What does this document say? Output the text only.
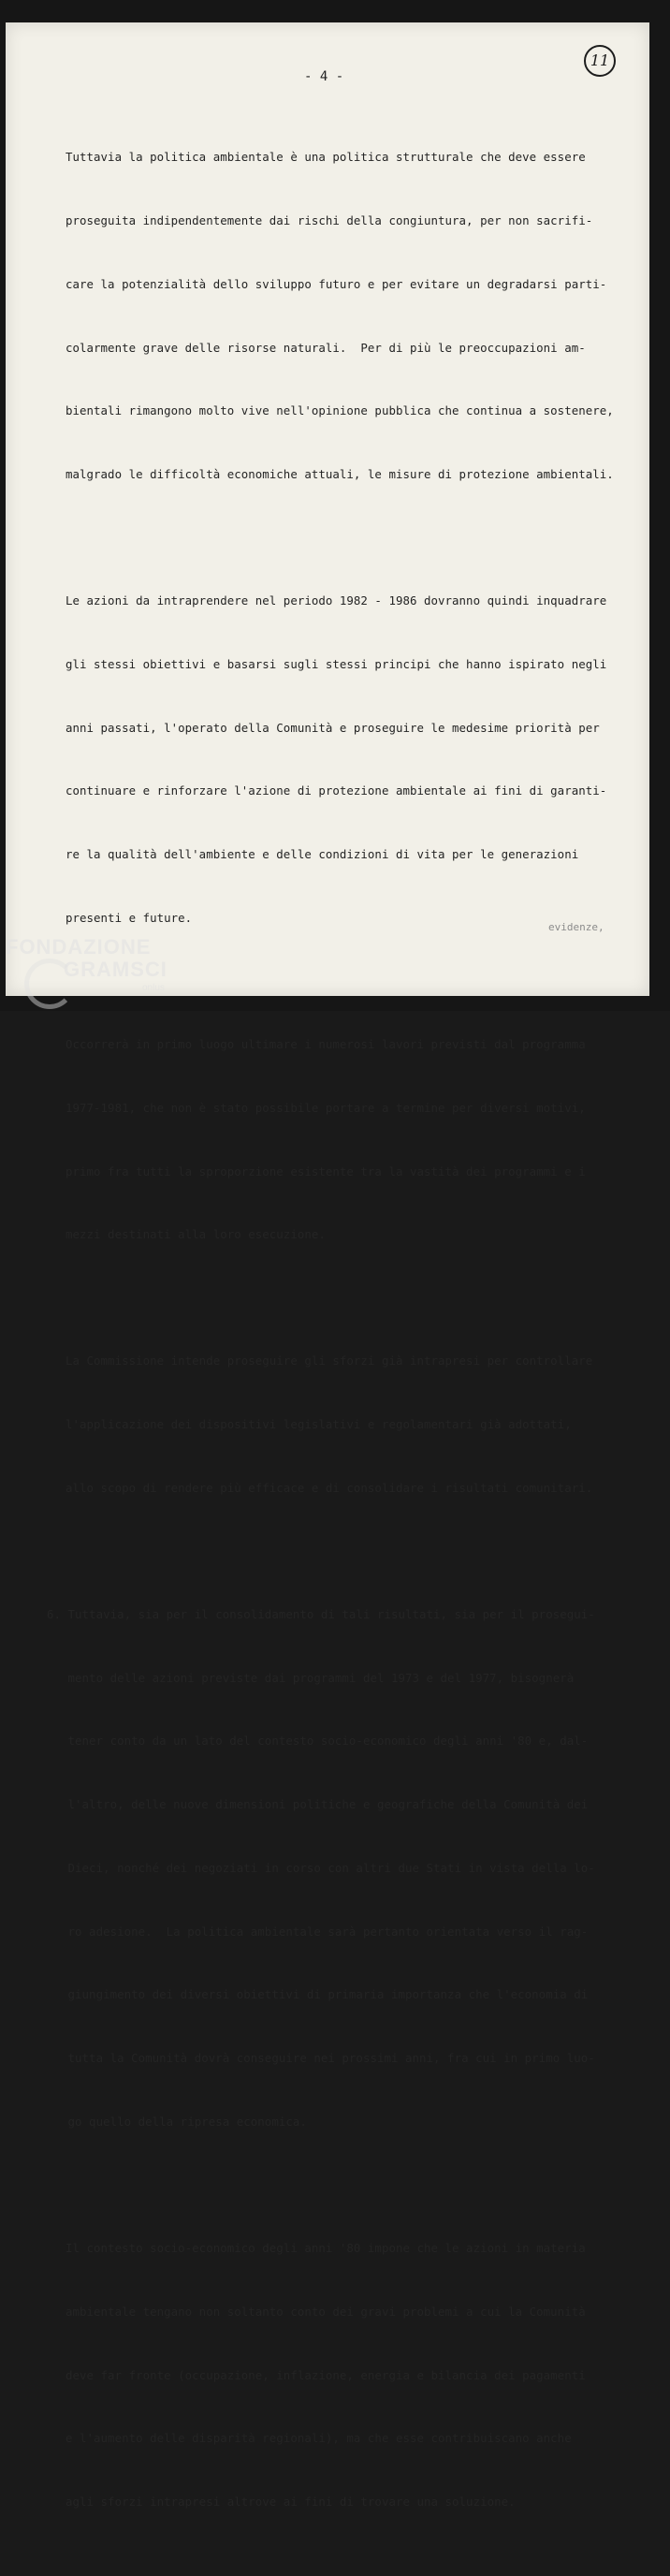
- 4 -
11

Tuttavia la politica ambientale è una politica strutturale che deve essere

proseguita indipendentemente dai rischi della congiuntura, per non sacrifi-

care la potenzialità dello sviluppo futuro e per evitare un degradarsi parti-

colarmente grave delle risorse naturali.  Per di più le preoccupazioni am-

bientali rimangono molto vive nell'opinione pubblica che continua a sostenere,

malgrado le difficoltà economiche attuali, le misure di protezione ambientali.

Le azioni da intraprendere nel periodo 1982 - 1986 dovranno quindi inquadrare

gli stessi obiettivi e basarsi sugli stessi principi che hanno ispirato negli

anni passati, l'operato della Comunità e proseguire le medesime priorità per

continuare e rinforzare l'azione di protezione ambientale ai fini di garanti-

re la qualità dell'ambiente e delle condizioni di vita per le generazioni

presenti e future.

Occorrerà in primo luogo ultimare i numerosi lavori previsti dal programma

1977-1981, che non è stato possibile portare a termine per diversi motivi,

primo fra tutti la sproporzione esistente tra la vastità dei programmi e i

mezzi destinati alla loro esecuzione.

La Commissione intende proseguire gli sforzi già intrapresi per controllare

l'applicazione dei dispositivi legislativi e regolamentari già adottati,

allo scopo di rendere più efficace e di consolidare i risultati comunitari.

6. Tuttavia, sia per il consolidamento di tali risultati, sia per il prosegui-

mento delle azioni previste dai programmi del 1973 e del 1977, bisognerà

tener conto da un lato del contesto socio-economico degli anni '80 e, dal-

l'altro, delle nuove dimensioni politiche e geografiche della Comunità dei

Dieci, nonché dei negoziati in corso con altri due Stati in vista della lo-

ro adesione.  La politica ambientale sarà pertanto orientata verso il rag-

giungimento dei diversi obiettivi di primaria importanza che l'economia di

tutta la Comunità dovrà conseguire nei prossimi anni, fra cui in primo luo-

go quello della ripresa economica.

Il contesto socio-economico degli anni '80 impone che le azioni in materia

ambientale tengano non soltanto conto dei gravi problemi a cui la Comunità

deve far fronte (occupazione, inflazione, energia e bilancia dei pagamenti

e l'aumento delle disparità regionali), ma che esse contribuiscano anche

agli sforzi intrapresi altrove ai fini di trovare una soluzione.

evidenze,
FONDAZIONE
GRAMSCI
onlus
